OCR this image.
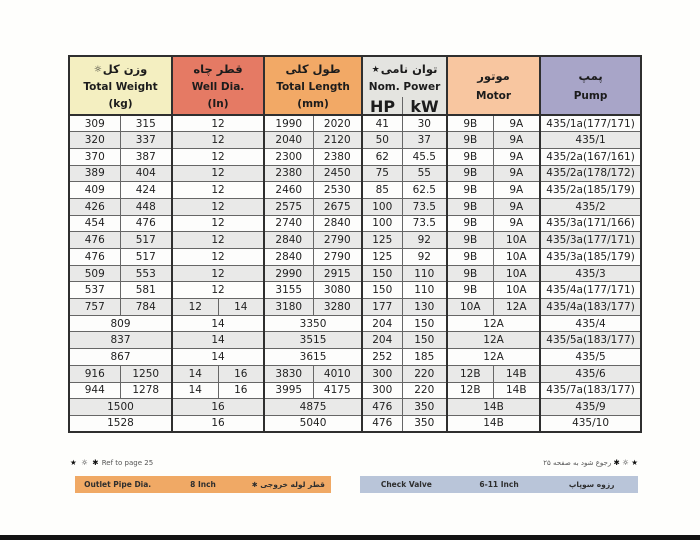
☼وزن کل
Total Weight
(kg)

قطر چاه
Well Dia.
(In)

طول کلی
Total Length
(mm)

★توان نامی
Nom. Power
HP kW

موتور
Motor

پمپ
Pump

309	315	12		1990	2020	41	30	9B	9A	435/1a(177/171)
320	337	12		2040	2120	50	37	9B	9A	435/1
370	387	12		2300	2380	62	45.5	9B	9A	435/2a(167/161)
389	404	12		2380	2450	75	55	9B	9A	435/2a(178/172)
409	424	12		2460	2530	85	62.5	9B	9A	435/2a(185/179)
426	448	12		2575	2675	100	73.5	9B	9A	435/2
454	476	12		2740	2840	100	73.5	9B	9A	435/3a(171/166)
476	517	12		2840	2790	125	92	9B	10A	435/3a(177/171)
476	517	12		2840	2790	125	92	9B	10A	435/3a(185/179)
509	553	12		2990	2915	150	110	9B	10A	435/3
537	581	12		3155	3080	150	110	9B	10A	435/4a(177/171)
757	784	12	14	3180	3280	177	130	10A	12A	435/4a(183/177)
809		14		3350		204	150	12A		435/4
837		14		3515		204	150	12A		435/5a(183/177)
867		14		3615		252	185	12A		435/5
916	1250	14	16	3830	4010	300	220	12B	14B	435/6
944	1278	14	16	3995	4175	300	220	12B	14B	435/7a(183/177)
1500		16		4875		476	350	14B		435/9
1528		16		5040		476	350	14B		435/10
★ ☼ ✱ Ref to page 25	★ ☼ ✱ رجوع شود به صفحه ۲۵
Outlet Pipe Dia.	8 Inch	قطر لوله خروجی ✱	Check Valve	6-11 Inch	رزوه سوپاپ
